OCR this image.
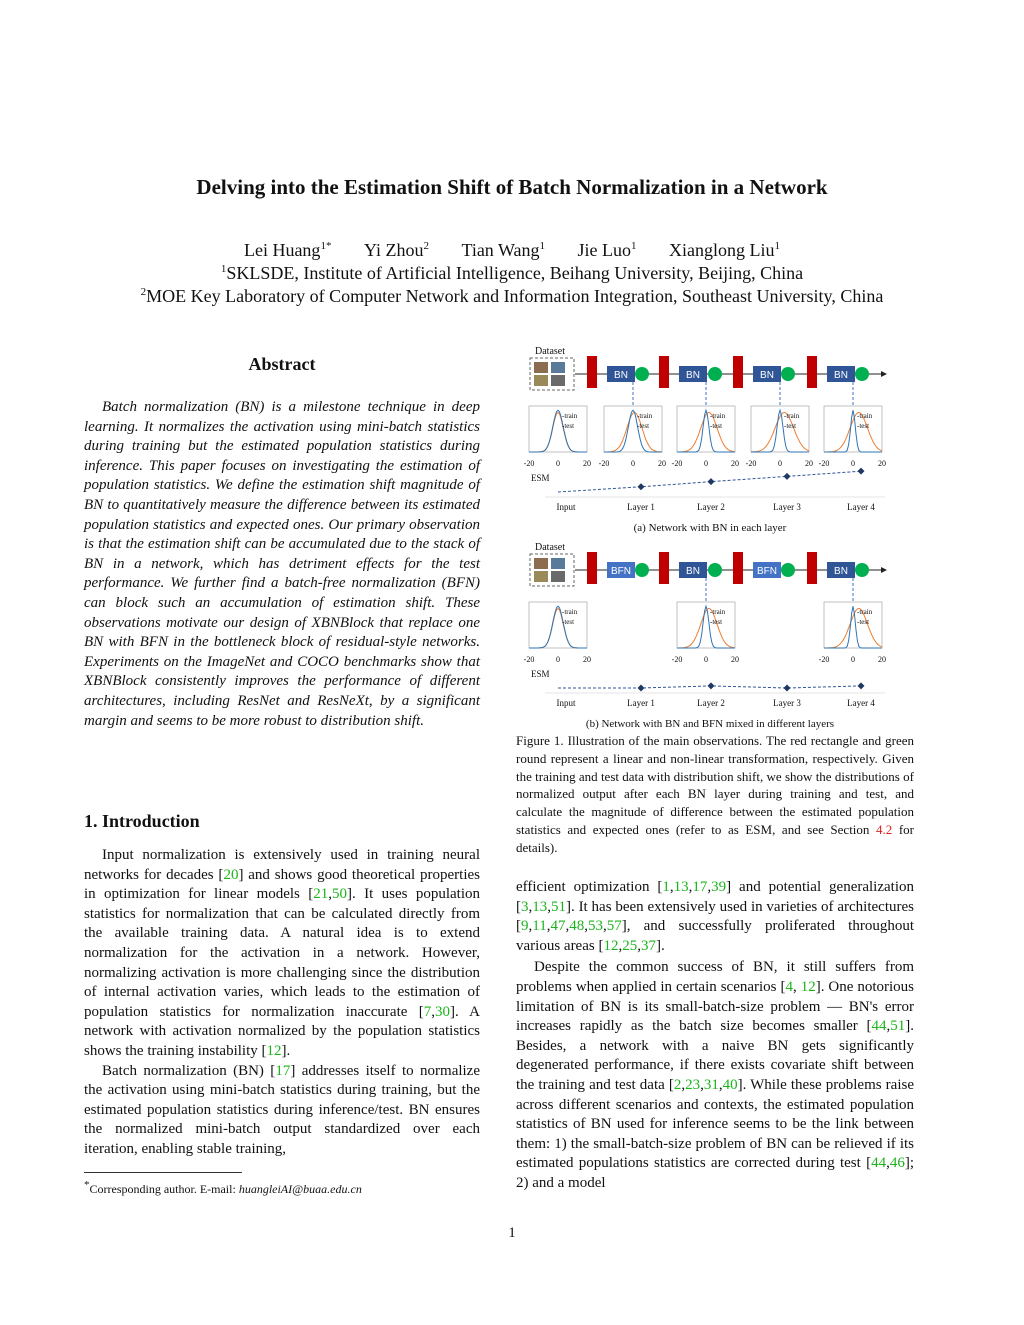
Delving into the Estimation Shift of Batch Normalization in a Network
Lei Huang$^{1*}$ Yi Zhou$^2$ Tian Wang$^1$ Jie Luo$^1$ Xianglong Liu$^1$
$^1$SKLSDE, Institute of Artificial Intelligence, Beihang University, Beijing, China
$^2$MOE Key Laboratory of Computer Network and Information Integration, Southeast University, China
Abstract
Batch normalization (BN) is a milestone technique in deep learning. It normalizes the activation using mini-batch statistics during training but the estimated population statistics during inference. This paper focuses on investigating the estimation of population statistics. We define the estimation shift magnitude of BN to quantitatively measure the difference between its estimated population statistics and expected ones. Our primary observation is that the estimation shift can be accumulated due to the stack of BN in a network, which has detriment effects for the test performance. We further find a batch-free normalization (BFN) can block such an accumulation of estimation shift. These observations motivate our design of XBNBlock that replace one BN with BFN in the bottleneck block of residual-style networks. Experiments on the ImageNet and COCO benchmarks show that XBNBlock consistently improves the performance of different architectures, including ResNet and ResNeXt, by a significant margin and seems to be more robust to distribution shift.
1. Introduction

Input normalization is extensively used in training neural networks for decades [20] and shows good theoretical properties in optimization for linear models [21,50]. It uses population statistics for normalization that can be calculated directly from the available training data. A natural idea is to extend normalization for the activation in a network. However, normalizing activation is more challenging since the distribution of internal activation varies, which leads to the estimation of population statistics for normalization inaccurate [7,30]. A network with activation normalized by the population statistics shows the training instability [12].

Batch normalization (BN) [17] addresses itself to normalize the activation using mini-batch statistics during training, but the estimated population statistics during inference/test. BN ensures the normalized mini-batch output standardized over each iteration, enabling stable training,

*Corresponding author. E-mail: huangleiAI@buaa.edu.cn
Dataset
BN	BN	BN	BN
-train
-test
-20	0	20
-train
-test
-20	0	20
-train
-test
-20	0	20
-train
-test
-20	0	20
-train
-test
-20	0	20
ESM
Input	Layer 1	Layer 2	Layer 3	Layer 4
(a) Network with BN in each layer
Dataset
BFN	BN	BFN	BN
-train
-test
-20	0	20
-train
-test
-20	0	20
-train
-test
-20	0	20
ESM
Input	Layer 1	Layer 2	Layer 3	Layer 4
(b) Network with BN and BFN mixed in different layers
Figure 1. Illustration of the main observations. The red rectangle and green round represent a linear and non-linear transformation, respectively. Given the training and test data with distribution shift, we show the distributions of normalized output after each BN layer during training and test, and calculate the magnitude of difference between the estimated population statistics and expected ones (refer to as ESM, and see Section 4.2 for details).

efficient optimization [1,13,17,39] and potential generalization [3,13,51]. It has been extensively used in varieties of architectures [9,11,47,48,53,57], and successfully proliferated throughout various areas [12,25,37].

Despite the common success of BN, it still suffers from problems when applied in certain scenarios [4, 12]. One notorious limitation of BN is its small-batch-size problem — BN's error increases rapidly as the batch size becomes smaller [44,51]. Besides, a network with a naive BN gets significantly degenerated performance, if there exists covariate shift between the training and test data [2,23,31,40]. While these problems raise across different scenarios and contexts, the estimated population statistics of BN used for inference seems to be the link between them: 1) the small-batch-size problem of BN can be relieved if its estimated populations statistics are corrected during test [44,46]; 2) and a model

1
